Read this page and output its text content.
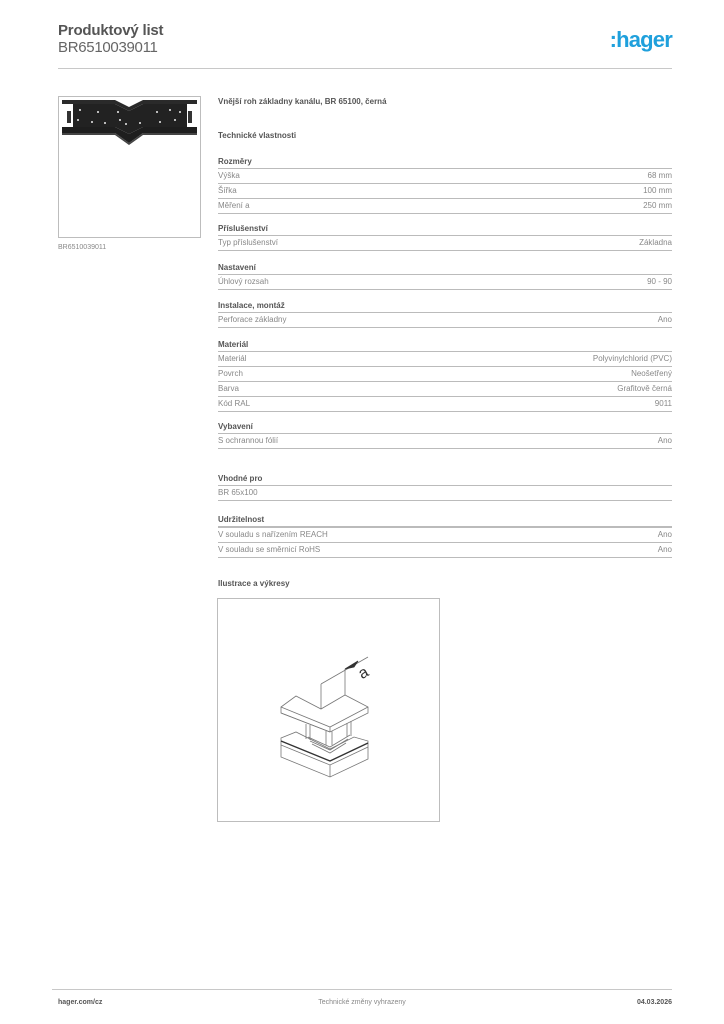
Produktový list
BR6510039011	:hager
BR6510039011
Vnější roh základny kanálu, BR 65100, černá
Technické vlastnosti
Rozměry
Výška	68 mm
Šířka	100 mm
Měření a	250 mm
Příslušenství
Typ příslušenství	Základna
Nastavení
Úhlový rozsah	90 - 90
Instalace, montáž
Perforace základny	Ano
Materiál
Materiál	Polyvinylchlorid (PVC)
Povrch	Neošetřený
Barva	Grafitově černá
Kód RAL	9011
Vybavení
S ochrannou fólií	Ano
Vhodné pro
BR 65x100
Udržitelnost
V souladu s nařízením REACH	Ano
V souladu se směrnicí RoHS	Ano
Ilustrace a výkresy
a
hager.com/cz	Technické změny vyhrazeny	04.03.2026
